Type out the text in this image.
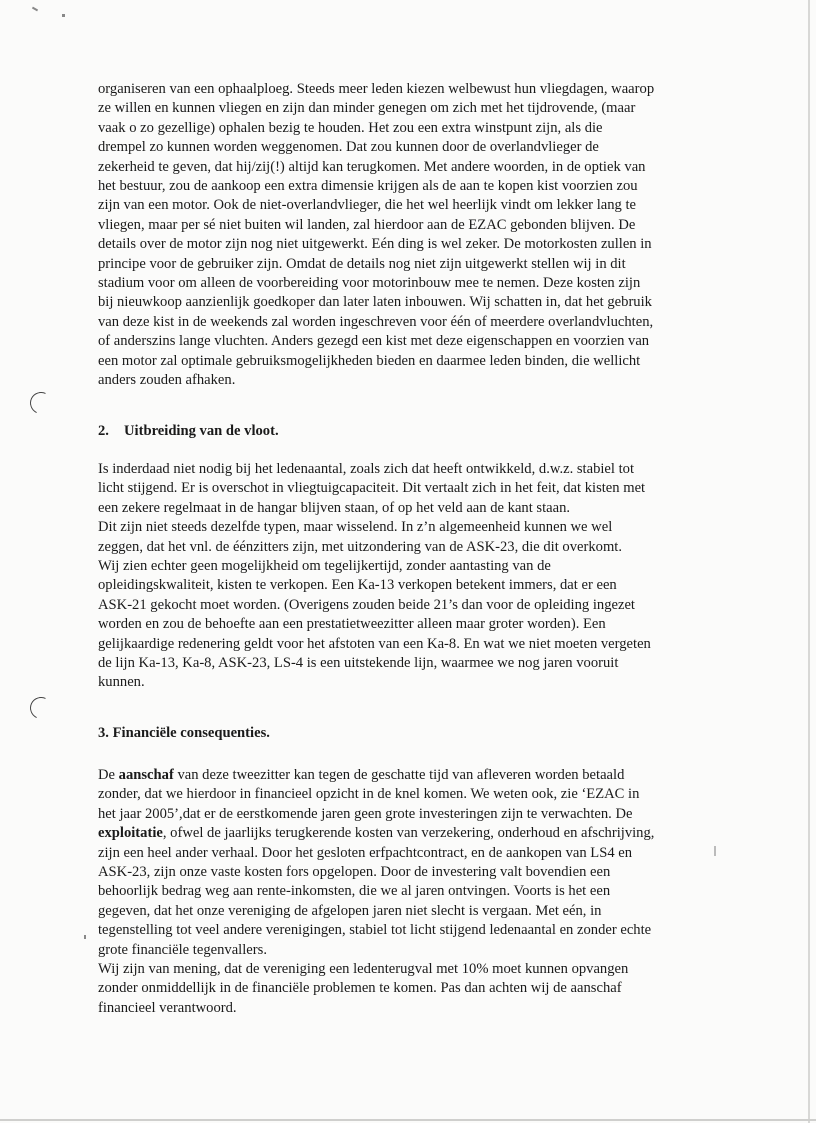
organiseren van een ophaalploeg. Steeds meer leden kiezen welbewust hun vliegdagen, waarop
ze willen en kunnen vliegen en zijn dan minder genegen om zich met het tijdrovende, (maar
vaak o zo gezellige) ophalen bezig te houden. Het zou een extra winstpunt zijn, als die
drempel zo kunnen worden weggenomen. Dat zou kunnen door de overlandvlieger de
zekerheid te geven, dat hij/zij(!) altijd kan terugkomen. Met andere woorden, in de optiek van
het bestuur, zou de aankoop een extra dimensie krijgen als de aan te kopen kist voorzien zou
zijn van een motor. Ook de niet-overlandvlieger, die het wel heerlijk vindt om lekker lang te
vliegen, maar per sé niet buiten wil landen, zal hierdoor aan de EZAC gebonden blijven. De
details over de motor zijn nog niet uitgewerkt. Eén ding is wel zeker. De motorkosten zullen in
principe voor de gebruiker zijn. Omdat de details nog niet zijn uitgewerkt stellen wij in dit
stadium voor om alleen de voorbereiding voor motorinbouw mee te nemen. Deze kosten zijn
bij nieuwkoop aanzienlijk goedkoper dan later laten inbouwen. Wij schatten in, dat het gebruik
van deze kist in de weekends zal worden ingeschreven voor één of meerdere overlandvluchten,
of anderszins lange vluchten. Anders gezegd een kist met deze eigenschappen en voorzien van
een motor zal optimale gebruiksmogelijkheden bieden en daarmee leden binden, die wellicht
anders zouden afhaken.
2. Uitbreiding van de vloot.
Is inderdaad niet nodig bij het ledenaantal, zoals zich dat heeft ontwikkeld, d.w.z. stabiel tot
licht stijgend. Er is overschot in vliegtuigcapaciteit. Dit vertaalt zich in het feit, dat kisten met
een zekere regelmaat in de hangar blijven staan, of op het veld aan de kant staan.
Dit zijn niet steeds dezelfde typen, maar wisselend. In z’n algemeenheid kunnen we wel
zeggen, dat het vnl. de éénzitters zijn, met uitzondering van de ASK-23, die dit overkomt.
Wij zien echter geen mogelijkheid om tegelijkertijd, zonder aantasting van de
opleidingskwaliteit, kisten te verkopen. Een Ka-13 verkopen betekent immers, dat er een
ASK-21 gekocht moet worden. (Overigens zouden beide 21’s dan voor de opleiding ingezet
worden en zou de behoefte aan een prestatietweezitter alleen maar groter worden). Een
gelijkaardige redenering geldt voor het afstoten van een Ka-8. En wat we niet moeten vergeten
de lijn Ka-13, Ka-8, ASK-23, LS-4 is een uitstekende lijn, waarmee we nog jaren vooruit
kunnen.
3. Financiële consequenties.
De aanschaf van deze tweezitter kan tegen de geschatte tijd van afleveren worden betaald
zonder, dat we hierdoor in financieel opzicht in de knel komen. We weten ook, zie ‘EZAC in
het jaar 2005’,dat er de eerstkomende jaren geen grote investeringen zijn te verwachten. De
exploitatie, ofwel de jaarlijks terugkerende kosten van verzekering, onderhoud en afschrijving,
zijn een heel ander verhaal. Door het gesloten erfpachtcontract, en de aankopen van LS4 en
ASK-23, zijn onze vaste kosten fors opgelopen. Door de investering valt bovendien een
behoorlijk bedrag weg aan rente-inkomsten, die we al jaren ontvingen. Voorts is het een
gegeven, dat het onze vereniging de afgelopen jaren niet slecht is vergaan. Met eén, in
tegenstelling tot veel andere verenigingen, stabiel tot licht stijgend ledenaantal en zonder echte
grote financiële tegenvallers.
Wij zijn van mening, dat de vereniging een ledenterugval met 10% moet kunnen opvangen
zonder onmiddellijk in de financiële problemen te komen. Pas dan achten wij de aanschaf
financieel verantwoord.
